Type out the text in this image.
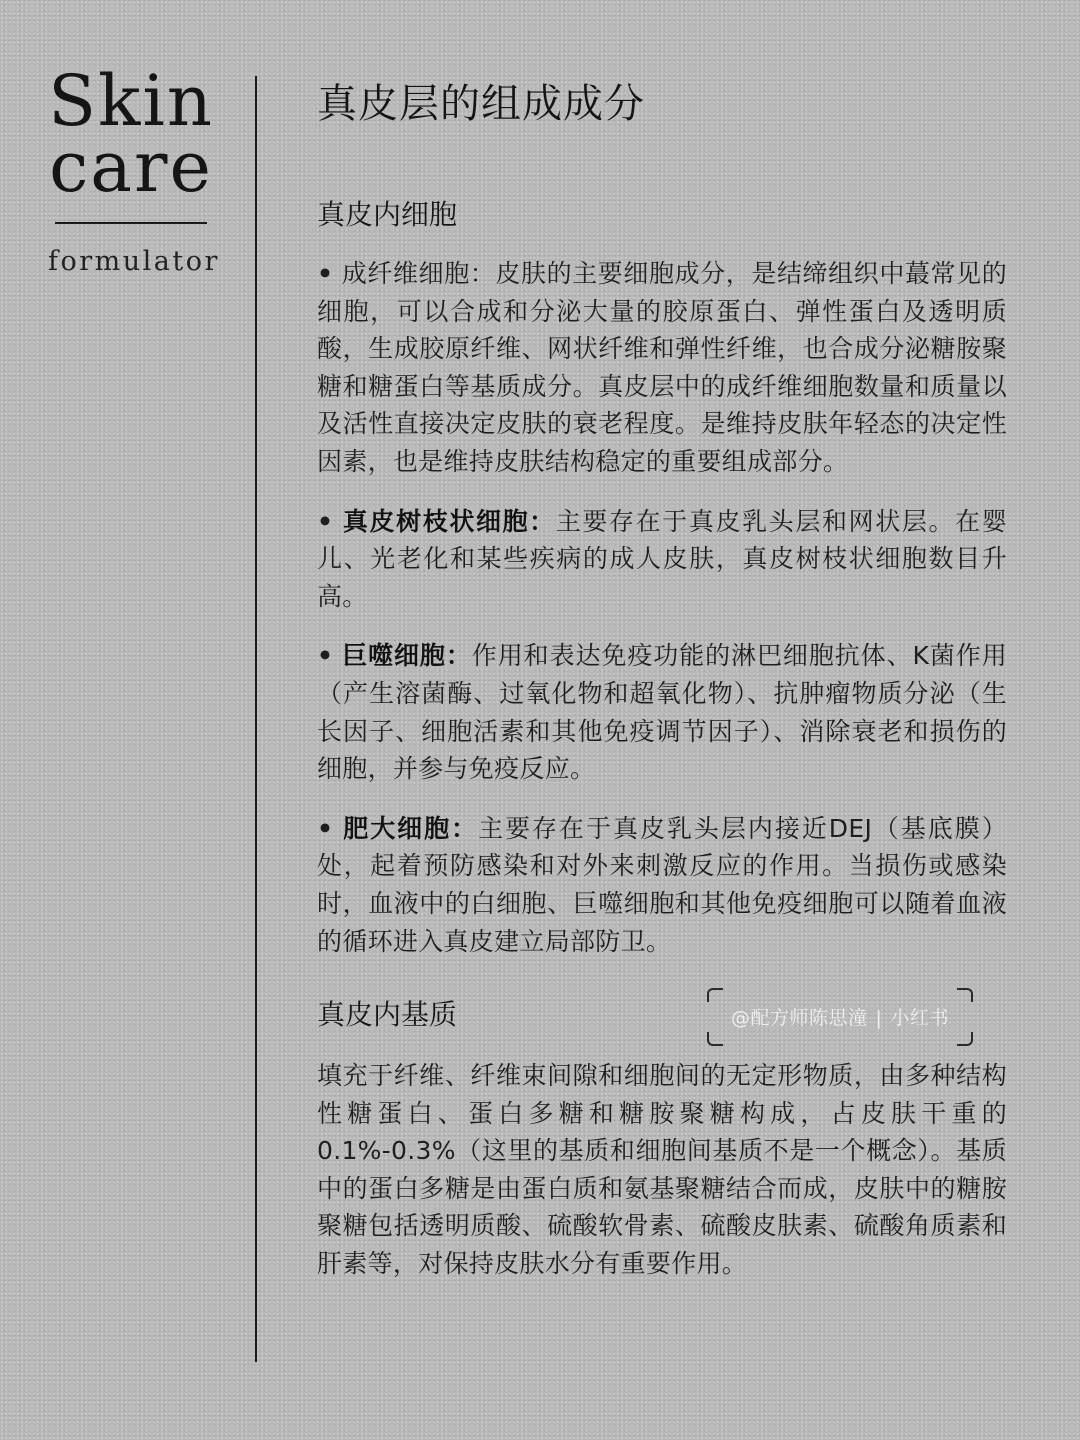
Skin
care
formulator
真皮层的组成成分
真皮内细胞

• 成纤维细胞：皮肤的主要细胞成分，是结缔组织中蕞常见的细胞，可以合成和分泌大量的胶原蛋白、弹性蛋白及透明质酸，生成胶原纤维、网状纤维和弹性纤维，也合成分泌糖胺聚糖和糖蛋白等基质成分。真皮层中的成纤维细胞数量和质量以及活性直接决定皮肤的衰老程度。是维持皮肤年轻态的决定性因素，也是维持皮肤结构稳定的重要组成部分。

• 真皮树枝状细胞：主要存在于真皮乳头层和网状层。在婴儿、光老化和某些疾病的成人皮肤，真皮树枝状细胞数目升高。

• 巨噬细胞：作用和表达免疫功能的淋巴细胞抗体、K菌作用（产生溶菌酶、过氧化物和超氧化物）、抗肿瘤物质分泌（生长因子、细胞活素和其他免疫调节因子）、消除衰老和损伤的细胞，并参与免疫反应。

• 肥大细胞：主要存在于真皮乳头层内接近DEJ（基底膜）处，起着预防感染和对外来刺激反应的作用。当损伤或感染时，血液中的白细胞、巨噬细胞和其他免疫细胞可以随着血液的循环进入真皮建立局部防卫。

真皮内基质

填充于纤维、纤维束间隙和细胞间的无定形物质，由多种结构性糖蛋白、蛋白多糖和糖胺聚糖构成，占皮肤干重的0.1%-0.3%（这里的基质和细胞间基质不是一个概念）。基质中的蛋白多糖是由蛋白质和氨基聚糖结合而成，皮肤中的糖胺聚糖包括透明质酸、硫酸软骨素、硫酸皮肤素、硫酸角质素和肝素等，对保持皮肤水分有重要作用。

@配方师陈思潼 | 小红书
